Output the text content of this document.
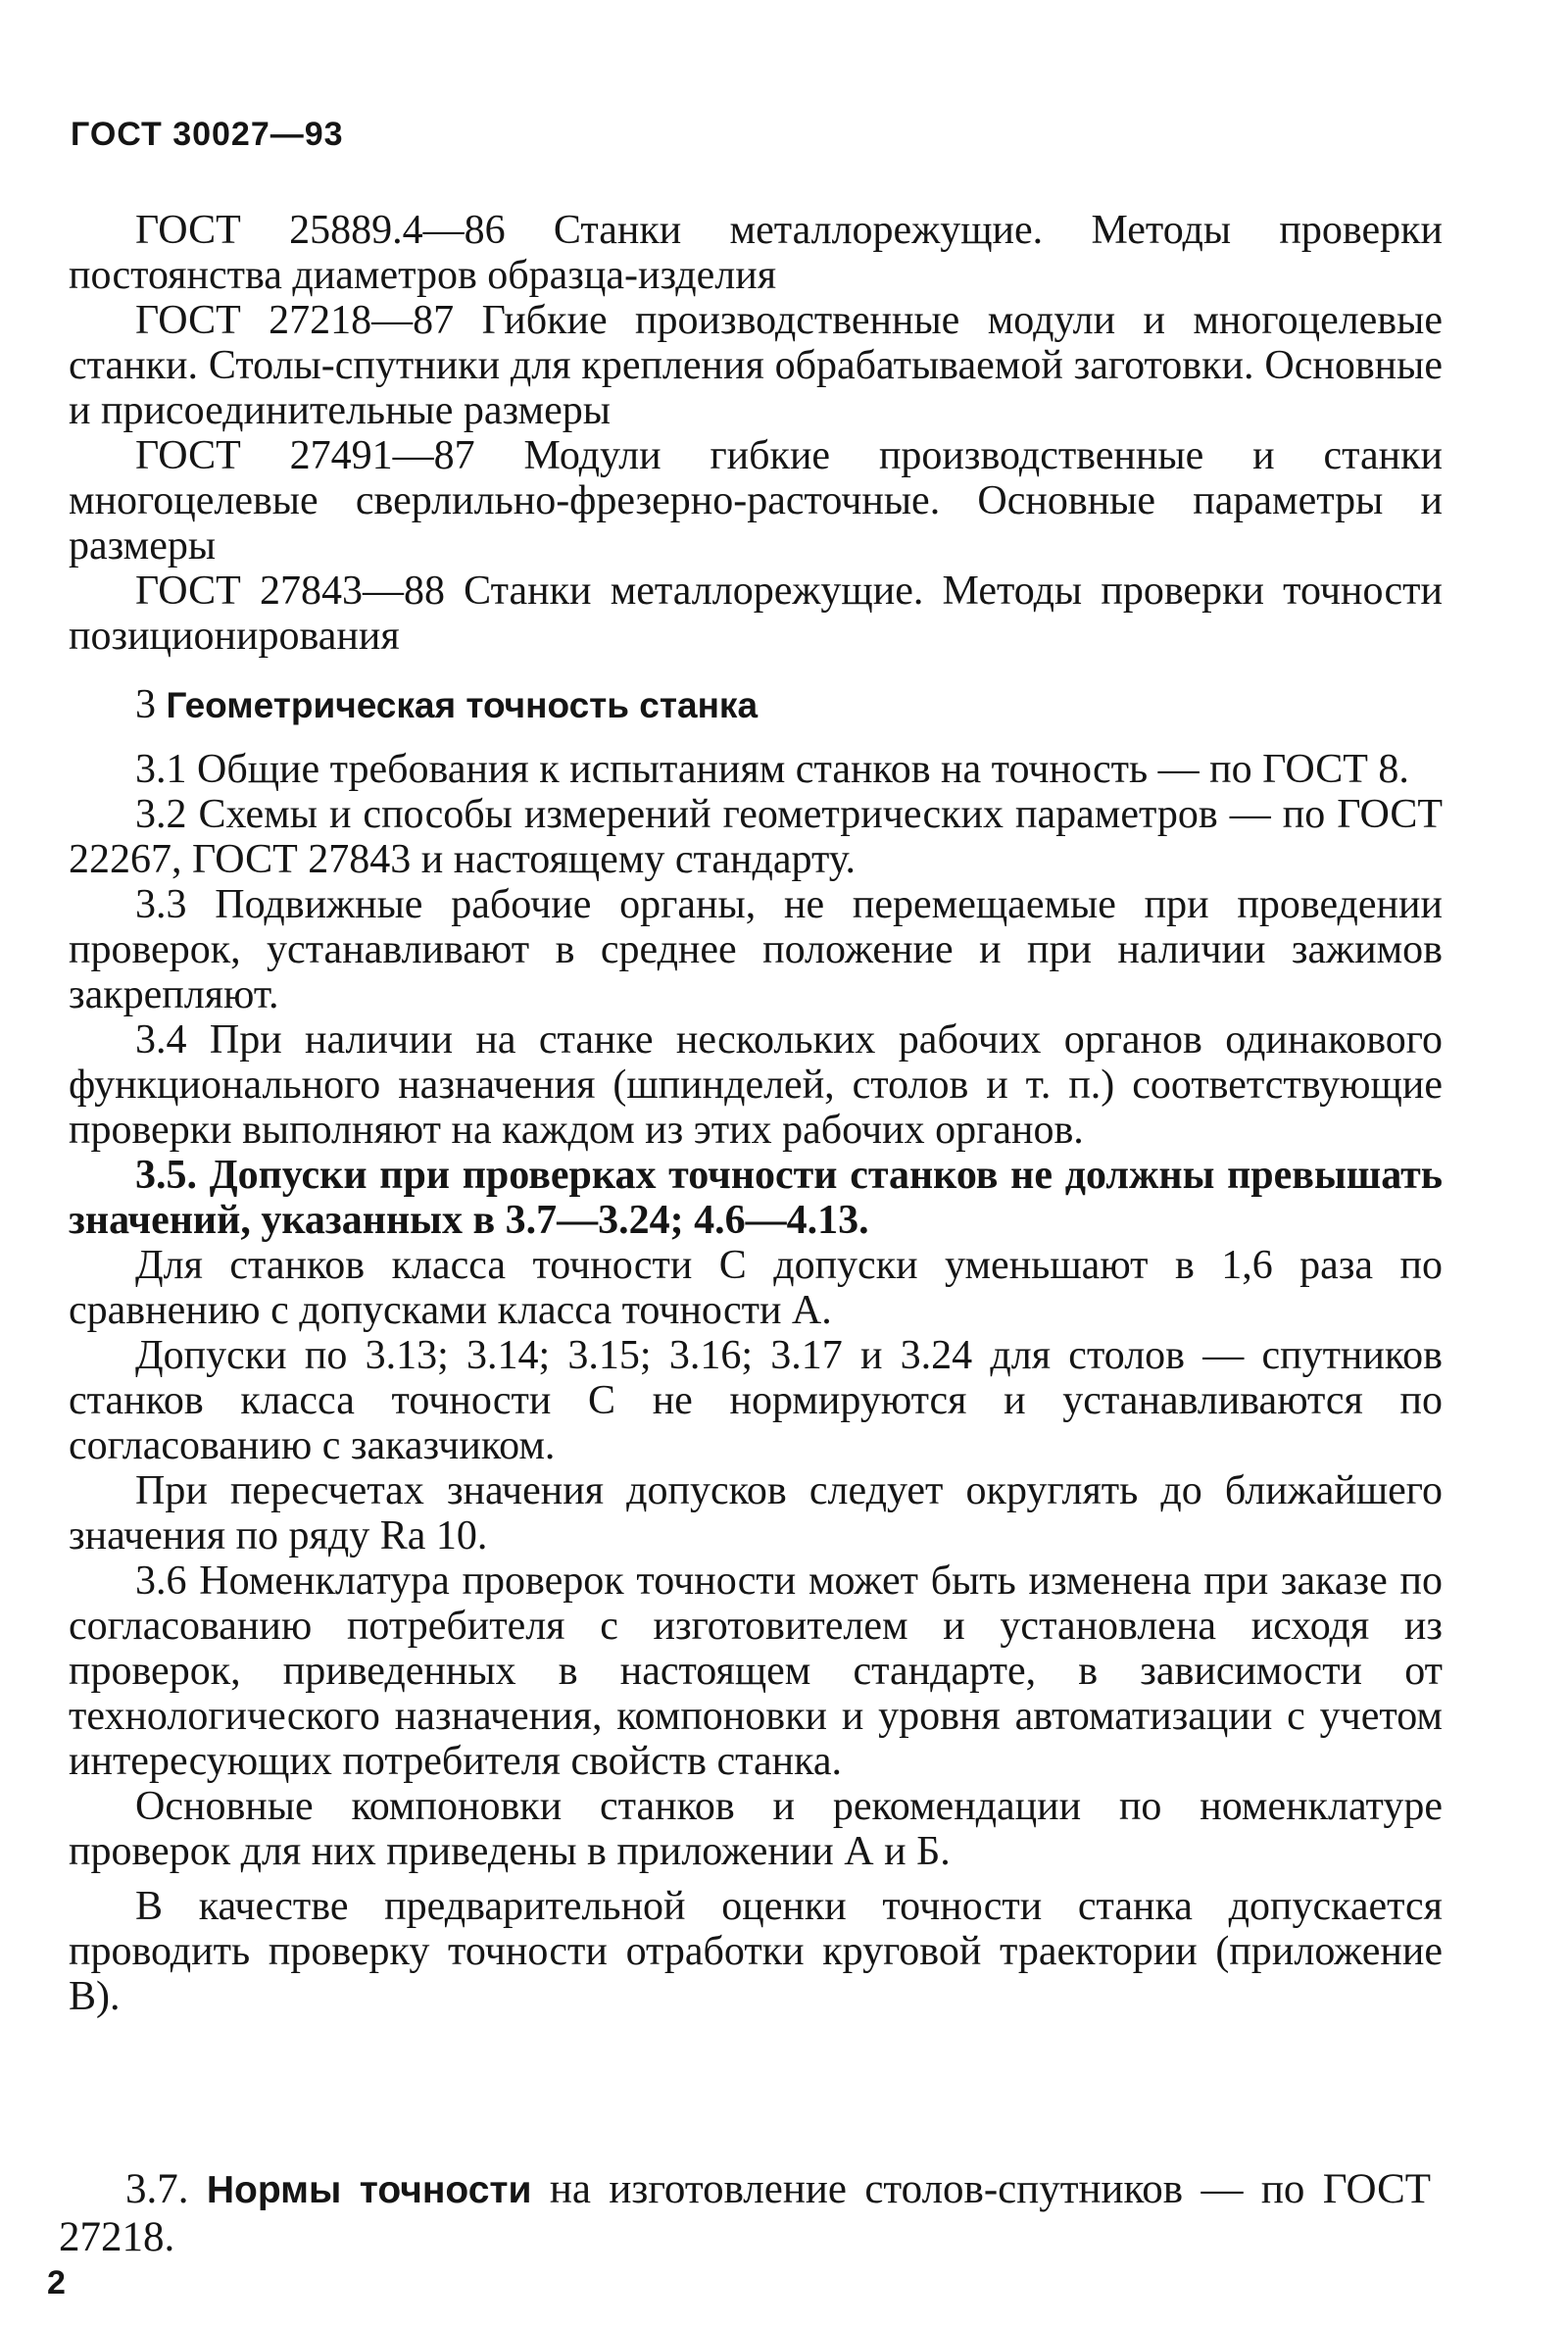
ГОСТ 30027—93

ГОСТ 25889.4—86 Станки металлорежущие. Методы проверки постоянства диаметров образца-изделия

ГОСТ 27218—87 Гибкие производственные модули и многоцелевые станки. Столы-спутники для крепления обрабатываемой заготовки. Основные и присоединительные размеры

ГОСТ 27491—87 Модули гибкие производственные и станки многоцелевые сверлильно-фрезерно-расточные. Основные параметры и размеры

ГОСТ 27843—88 Станки металлорежущие. Методы проверки точности позиционирования

3 Геометрическая точность станка

3.1 Общие требования к испытаниям станков на точность — по ГОСТ 8.

3.2 Схемы и способы измерений геометрических параметров — по ГОСТ 22267, ГОСТ 27843 и настоящему стандарту.

3.3 Подвижные рабочие органы, не перемещаемые при проведении проверок, устанавливают в среднее положение и при наличии зажимов закрепляют.

3.4 При наличии на станке нескольких рабочих органов одинакового функционального назначения (шпинделей, столов и т. п.) соответствующие проверки выполняют на каждом из этих рабочих органов.

3.5. Допуски при проверках точности станков не должны превышать значений, указанных в 3.7—3.24; 4.6—4.13.

Для станков класса точности С допуски уменьшают в 1,6 раза по сравнению с допусками класса точности А.

Допуски по 3.13; 3.14; 3.15; 3.16; 3.17 и 3.24 для столов — спутников станков класса точности С не нормируются и устанавливаются по согласованию с заказчиком.

При пересчетах значения допусков следует округлять до ближайшего значения по ряду Ra 10.

3.6 Номенклатура проверок точности может быть изменена при заказе по согласованию потребителя с изготовителем и установлена исходя из проверок, приведенных в настоящем стандарте, в зависимости от технологического назначения, компоновки и уровня автоматизации с учетом интересующих потребителя свойств станка.

Основные компоновки станков и рекомендации по номенклатуре проверок для них приведены в приложении А и Б.

В качестве предварительной оценки точности станка допускается проводить проверку точности отработки круговой траектории (приложение В).

3.7. Нормы точности на изготовление столов-спутников — по ГОСТ 27218.

2
